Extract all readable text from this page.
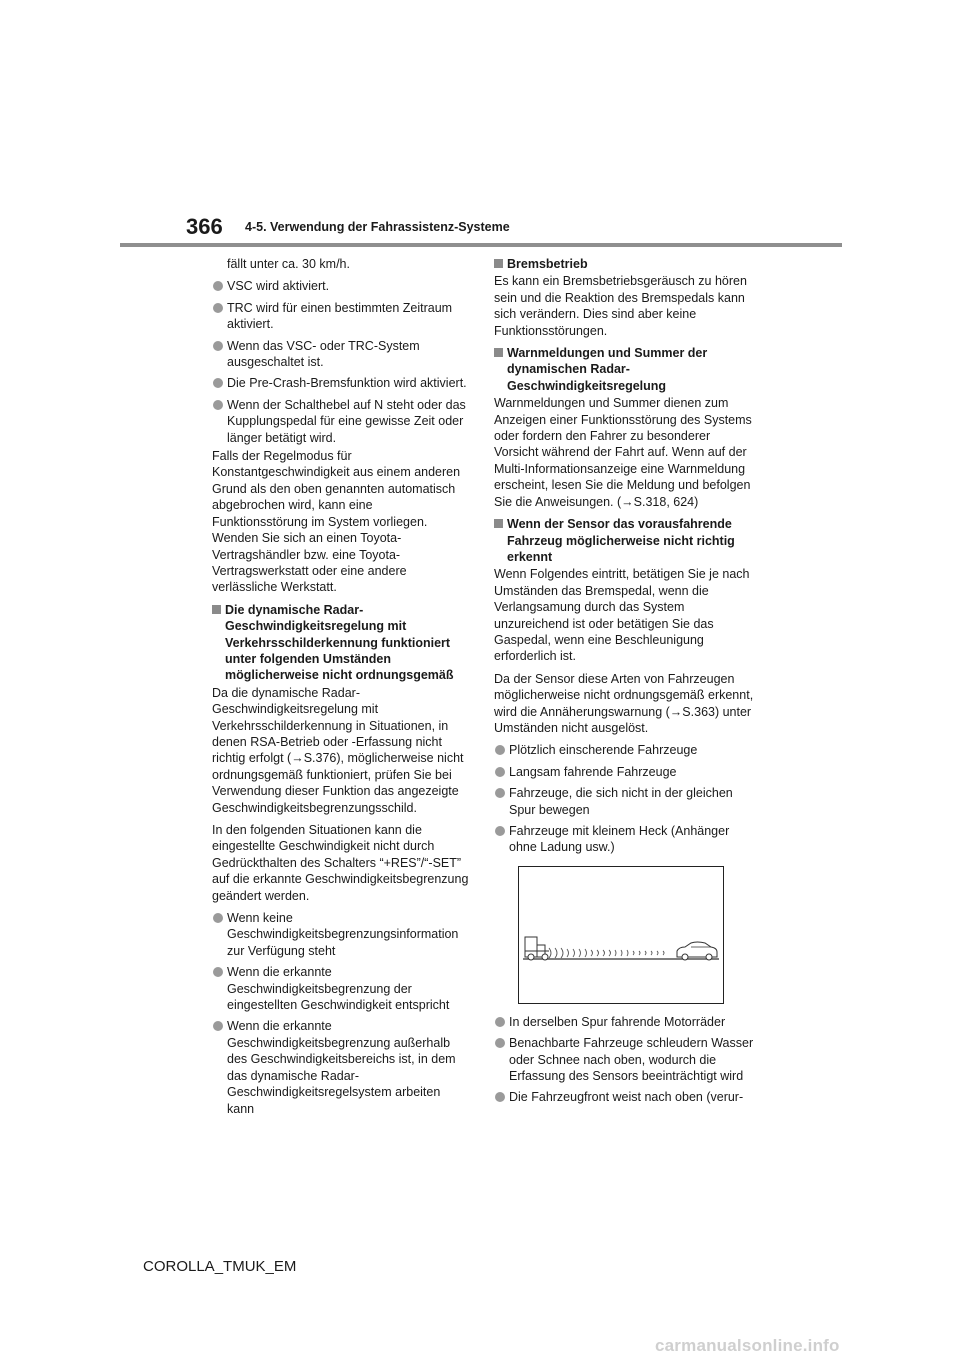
366 4-5. Verwendung der Fahrassistenz-Systeme

fällt unter ca. 30 km/h.

VSC wird aktiviert.

TRC wird für einen bestimmten Zeitraum aktiviert.

Wenn das VSC- oder TRC-System ausgeschaltet ist.

Die Pre-Crash-Bremsfunktion wird aktiviert.

Wenn der Schalthebel auf N steht oder das Kupplungspedal für eine gewisse Zeit oder länger betätigt wird.

Falls der Regelmodus für Konstantgeschwindigkeit aus einem anderen Grund als den oben genannten automatisch abgebrochen wird, kann eine Funktionsstörung im System vorliegen. Wenden Sie sich an einen Toyota-Vertragshändler bzw. eine Toyota-Vertragswerkstatt oder eine andere verlässliche Werkstatt.

Die dynamische Radar-Geschwindigkeitsregelung mit Verkehrsschilderkennung funktioniert unter folgenden Umständen möglicherweise nicht ordnungsgemäß

Da die dynamische Radar-Geschwindigkeitsregelung mit Verkehrsschilderkennung in Situationen, in denen RSA-Betrieb oder -Erfassung nicht richtig erfolgt (→S.376), möglicherweise nicht ordnungsgemäß funktioniert, prüfen Sie bei Verwendung dieser Funktion das angezeigte Geschwindigkeitsbegrenzungsschild.

In den folgenden Situationen kann die eingestellte Geschwindigkeit nicht durch Gedrückthalten des Schalters “+RES”/“-SET” auf die erkannte Geschwindigkeitsbegrenzung geändert werden.

Wenn keine Geschwindigkeitsbegrenzungsinformation zur Verfügung steht

Wenn die erkannte Geschwindigkeitsbegrenzung der eingestellten Geschwindigkeit entspricht

Wenn die erkannte Geschwindigkeitsbegrenzung außerhalb des Geschwindigkeitsbereichs ist, in dem das dynamische Radar-Geschwindigkeitsregelsystem arbeiten kann

Bremsbetrieb

Es kann ein Bremsbetriebsgeräusch zu hören sein und die Reaktion des Bremspedals kann sich verändern. Dies sind aber keine Funktionsstörungen.

Warnmeldungen und Summer der dynamischen Radar-Geschwindigkeitsregelung

Warnmeldungen und Summer dienen zum Anzeigen einer Funktionsstörung des Systems oder fordern den Fahrer zu besonderer Vorsicht während der Fahrt auf. Wenn auf der Multi-Informationsanzeige eine Warnmeldung erscheint, lesen Sie die Meldung und befolgen Sie die Anweisungen. (→S.318, 624)

Wenn der Sensor das vorausfahrende Fahrzeug möglicherweise nicht richtig erkennt

Wenn Folgendes eintritt, betätigen Sie je nach Umständen das Bremspedal, wenn die Verlangsamung durch das System unzureichend ist oder betätigen Sie das Gaspedal, wenn eine Beschleunigung erforderlich ist.

Da der Sensor diese Arten von Fahrzeugen möglicherweise nicht ordnungsgemäß erkennt, wird die Annäherungswarnung (→S.363) unter Umständen nicht ausgelöst.

Plötzlich einscherende Fahrzeuge

Langsam fahrende Fahrzeuge

Fahrzeuge, die sich nicht in der gleichen Spur bewegen

Fahrzeuge mit kleinem Heck (Anhänger ohne Ladung usw.)

In derselben Spur fahrende Motorräder

Benachbarte Fahrzeuge schleudern Wasser oder Schnee nach oben, wodurch die Erfassung des Sensors beeinträchtigt wird

Die Fahrzeugfront weist nach oben (verur-

COROLLA_TMUK_EM
carmanualsonline.info
